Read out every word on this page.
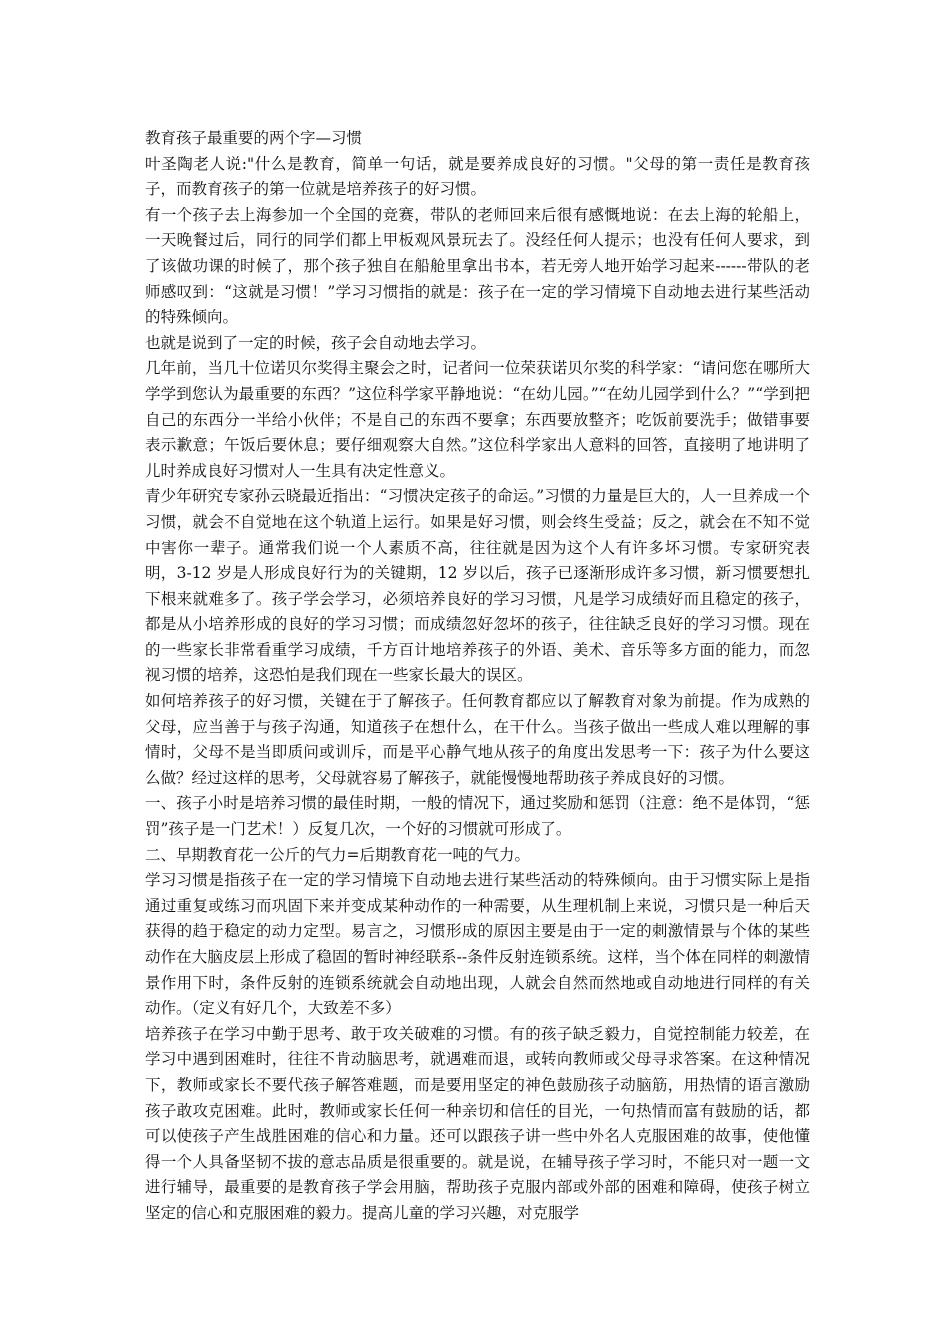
教育孩子最重要的两个字—习惯

叶圣陶老人说:"什么是教育，简单一句话，就是要养成良好的习惯。"父母的第一责任是教育孩子，而教育孩子的第一位就是培养孩子的好习惯。

有一个孩子去上海参加一个全国的竞赛，带队的老师回来后很有感慨地说：在去上海的轮船上，一天晚餐过后，同行的同学们都上甲板观风景玩去了。没经任何人提示；也没有任何人要求，到了该做功课的时候了，那个孩子独自在船舱里拿出书本，若无旁人地开始学习起来------带队的老师感叹到：“这就是习惯！”学习习惯指的就是：孩子在一定的学习情境下自动地去进行某些活动的特殊倾向。

也就是说到了一定的时候，孩子会自动地去学习。

几年前，当几十位诺贝尔奖得主聚会之时，记者问一位荣获诺贝尔奖的科学家：“请问您在哪所大学学到您认为最重要的东西？”这位科学家平静地说：“在幼儿园。”“在幼儿园学到什么？”“学到把自己的东西分一半给小伙伴；不是自己的东西不要拿；东西要放整齐；吃饭前要洗手；做错事要表示歉意；午饭后要休息；要仔细观察大自然。”这位科学家出人意料的回答，直接明了地讲明了儿时养成良好习惯对人一生具有决定性意义。

青少年研究专家孙云晓最近指出：“习惯决定孩子的命运。”习惯的力量是巨大的，人一旦养成一个习惯，就会不自觉地在这个轨道上运行。如果是好习惯，则会终生受益；反之，就会在不知不觉中害你一辈子。通常我们说一个人素质不高，往往就是因为这个人有许多坏习惯。专家研究表明，3-12 岁是人形成良好行为的关键期，12 岁以后，孩子已逐渐形成许多习惯，新习惯要想扎下根来就难多了。孩子学会学习，必须培养良好的学习习惯，凡是学习成绩好而且稳定的孩子，都是从小培养形成的良好的学习习惯；而成绩忽好忽坏的孩子，往往缺乏良好的学习习惯。现在的一些家长非常看重学习成绩，千方百计地培养孩子的外语、美术、音乐等多方面的能力，而忽视习惯的培养，这恐怕是我们现在一些家长最大的误区。

如何培养孩子的好习惯，关键在于了解孩子。任何教育都应以了解教育对象为前提。作为成熟的父母，应当善于与孩子沟通，知道孩子在想什么，在干什么。当孩子做出一些成人难以理解的事情时，父母不是当即质问或训斥，而是平心静气地从孩子的角度出发思考一下：孩子为什么要这么做？经过这样的思考，父母就容易了解孩子，就能慢慢地帮助孩子养成良好的习惯。

一、孩子小时是培养习惯的最佳时期，一般的情况下，通过奖励和惩罚（注意：绝不是体罚，“惩罚”孩子是一门艺术！）反复几次，一个好的习惯就可形成了。

二、早期教育花一公斤的气力=后期教育花一吨的气力。

学习习惯是指孩子在一定的学习情境下自动地去进行某些活动的特殊倾向。由于习惯实际上是指通过重复或练习而巩固下来并变成某种动作的一种需要，从生理机制上来说，习惯只是一种后天获得的趋于稳定的动力定型。易言之，习惯形成的原因主要是由于一定的刺激情景与个体的某些动作在大脑皮层上形成了稳固的暂时神经联系--条件反射连锁系统。这样，当个体在同样的刺激情景作用下时，条件反射的连锁系统就会自动地出现，人就会自然而然地或自动地进行同样的有关动作。（定义有好几个，大致差不多）

培养孩子在学习中勤于思考、敢于攻关破难的习惯。有的孩子缺乏毅力，自觉控制能力较差，在学习中遇到困难时，往往不肯动脑思考，就遇难而退，或转向教师或父母寻求答案。在这种情况下，教师或家长不要代孩子解答难题，而是要用坚定的神色鼓励孩子动脑筋，用热情的语言激励孩子敢攻克困难。此时，教师或家长任何一种亲切和信任的目光，一句热情而富有鼓励的话，都可以使孩子产生战胜困难的信心和力量。还可以跟孩子讲一些中外名人克服困难的故事，使他懂得一个人具备坚韧不拔的意志品质是很重要的。就是说，在辅导孩子学习时，不能只对一题一文进行辅导，最重要的是教育孩子学会用脑，帮助孩子克服内部或外部的困难和障碍，使孩子树立坚定的信心和克服困难的毅力。提高儿童的学习兴趣，对克服学
